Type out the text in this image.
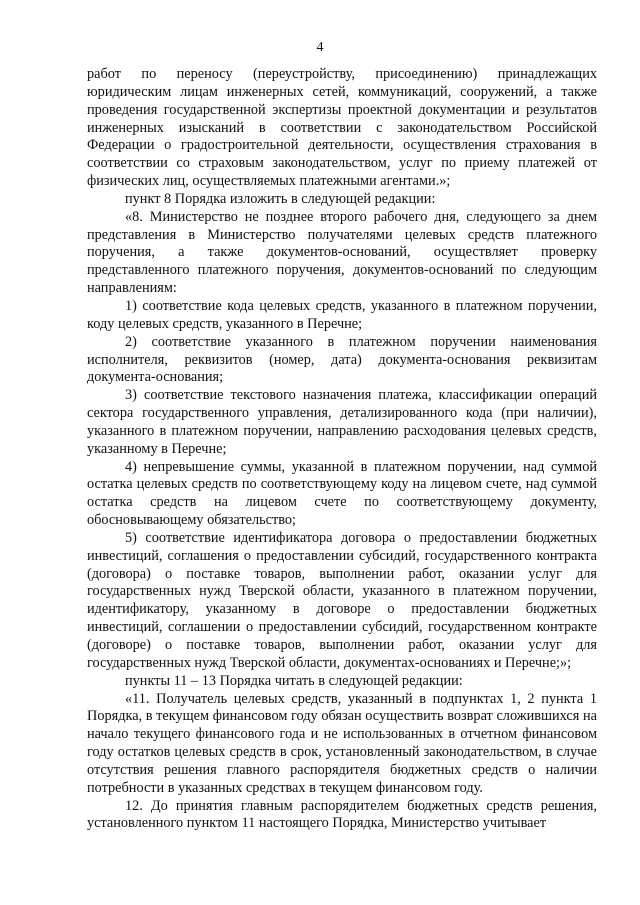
4

работ по переносу (переустройству, присоединению) принадлежащих юридическим лицам инженерных сетей, коммуникаций, сооружений, а также проведения государственной экспертизы проектной документации и результатов инженерных изысканий в соответствии с законодательством Российской Федерации о градостроительной деятельности, осуществления страхования в соответствии со страховым законодательством, услуг по приему платежей от физических лиц, осуществляемых платежными агентами.»;

пункт 8 Порядка изложить в следующей редакции:

«8. Министерство не позднее второго рабочего дня, следующего за днем представления в Министерство получателями целевых средств платежного поручения, а также документов-оснований, осуществляет проверку представленного платежного поручения, документов-оснований по следующим направлениям:

1) соответствие кода целевых средств, указанного в платежном поручении, коду целевых средств, указанного в Перечне;

2) соответствие указанного в платежном поручении наименования исполнителя, реквизитов (номер, дата) документа-основания реквизитам документа-основания;

3) соответствие текстового назначения платежа, классификации операций сектора государственного управления, детализированного кода (при наличии), указанного в платежном поручении, направлению расходования целевых средств, указанному в Перечне;

4) непревышение суммы, указанной в платежном поручении, над суммой остатка целевых средств по соответствующему коду на лицевом счете, над суммой остатка средств на лицевом счете по соответствующему документу, обосновывающему обязательство;

5) соответствие идентификатора договора о предоставлении бюджетных инвестиций, соглашения о предоставлении субсидий, государственного контракта (договора) о поставке товаров, выполнении работ, оказании услуг для государственных нужд Тверской области, указанного в платежном поручении, идентификатору, указанному в договоре о предоставлении бюджетных инвестиций, соглашении о предоставлении субсидий, государственном контракте (договоре) о поставке товаров, выполнении работ, оказании услуг для государственных нужд Тверской области, документах-основаниях и Перечне;»;

пункты 11 – 13 Порядка читать в следующей редакции:

«11. Получатель целевых средств, указанный в подпунктах 1, 2 пункта 1 Порядка, в текущем финансовом году обязан осуществить возврат сложившихся на начало текущего финансового года и не использованных в отчетном финансовом году остатков целевых средств в срок, установленный законодательством, в случае отсутствия решения главного распорядителя бюджетных средств о наличии потребности в указанных средствах в текущем финансовом году.

12. До принятия главным распорядителем бюджетных средств решения, установленного пунктом 11 настоящего Порядка, Министерство учитывает
